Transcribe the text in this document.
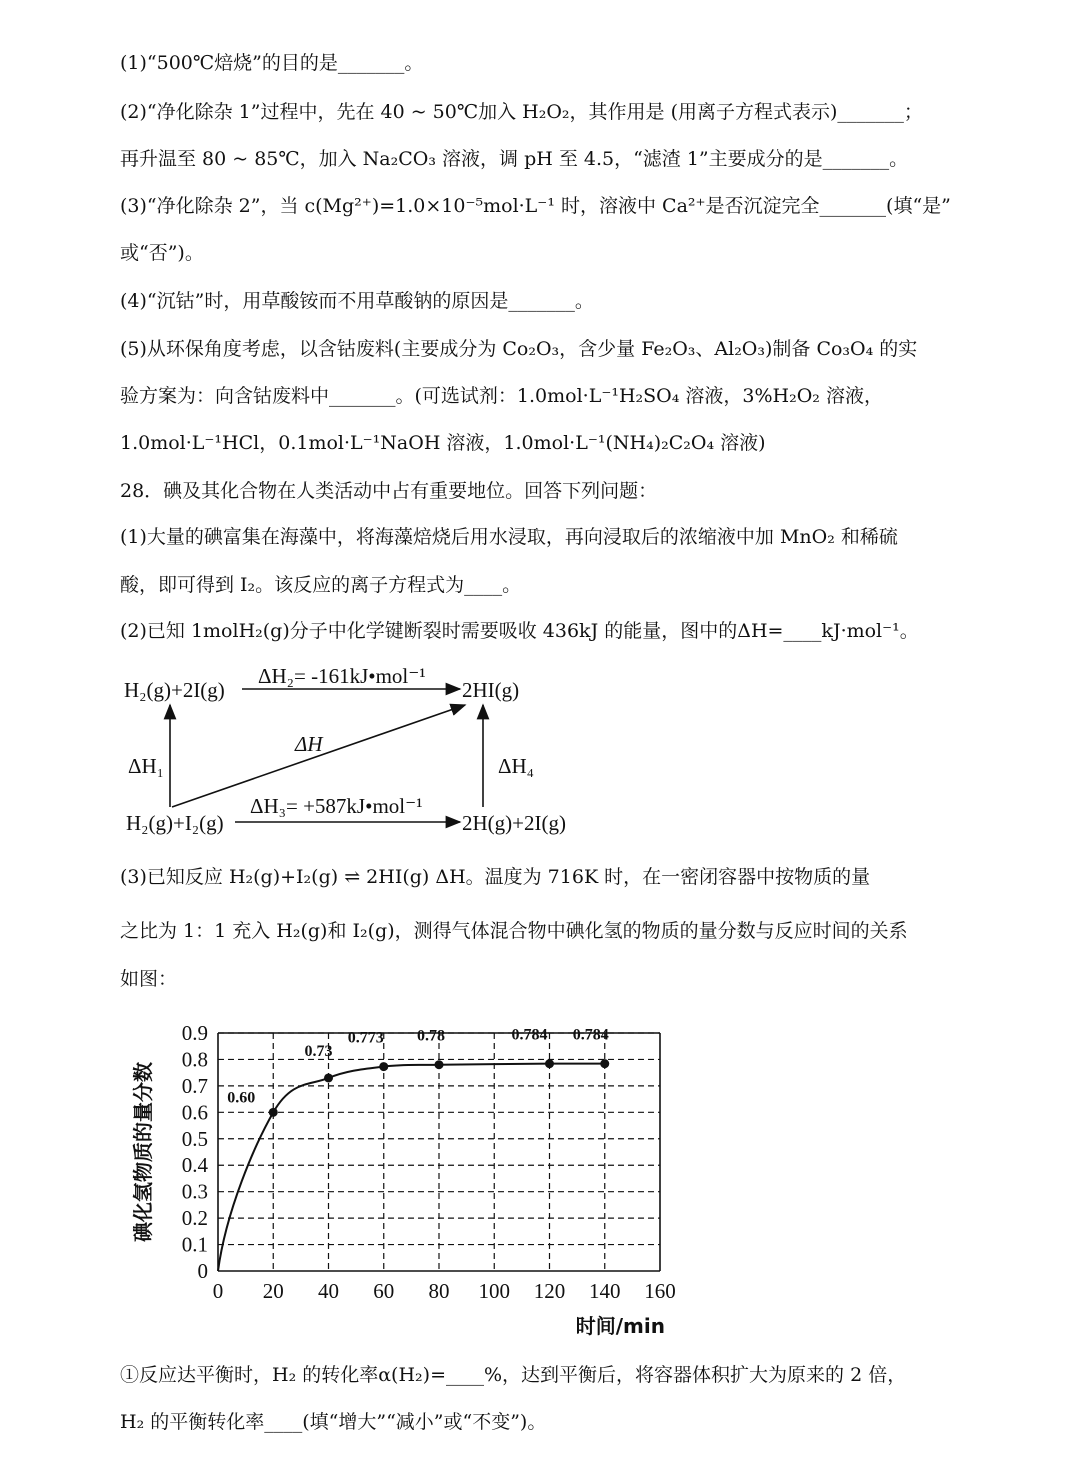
(1)“500℃焙烧”的目的是_______。
(2)“净化除杂 1”过程中，先在 40 ~ 50℃加入 H₂O₂，其作用是 (用离子方程式表示)_______；
再升温至 80 ~ 85℃，加入 Na₂CO₃ 溶液，调 pH 至 4.5，“滤渣 1”主要成分的是_______。
(3)“净化除杂 2”，当 c(Mg²⁺)=1.0×10⁻⁵mol·L⁻¹ 时，溶液中 Ca²⁺是否沉淀完全_______(填“是”
或“否”)。
(4)“沉钴”时，用草酸铵而不用草酸钠的原因是_______。
(5)从环保角度考虑，以含钴废料(主要成分为 Co₂O₃，含少量 Fe₂O₃、Al₂O₃)制备 Co₃O₄ 的实
验方案为：向含钴废料中_______。(可选试剂：1.0mol·L⁻¹H₂SO₄ 溶液，3%H₂O₂ 溶液，
1.0mol·L⁻¹HCl，0.1mol·L⁻¹NaOH 溶液，1.0mol·L⁻¹(NH₄)₂C₂O₄ 溶液)
28．碘及其化合物在人类活动中占有重要地位。回答下列问题：
(1)大量的碘富集在海藻中，将海藻焙烧后用水浸取，再向浸取后的浓缩液中加 MnO₂ 和稀硫
酸，即可得到 I₂。该反应的离子方程式为____。
(2)已知 1molH₂(g)分子中化学键断裂时需要吸收 436kJ 的能量，图中的ΔH=____kJ·mol⁻¹。
H₂(g)+2I(g)	2HI(g)
H₂(g)+I₂(g)	2H(g)+2I(g)
ΔH₂= -161kJ•mol⁻¹
ΔH₃= +587kJ•mol⁻¹
ΔH
ΔH₁	ΔH₄
(3)已知反应 H₂(g)+I₂(g) ⇌ 2HI(g) ΔH。温度为 716K 时，在一密闭容器中按物质的量
之比为 1：1 充入 H₂(g)和 I₂(g)，测得气体混合物中碘化氢的物质的量分数与反应时间的关系
如图：
0
0.1
0.2
0.3
0.4
0.5
0.6
0.7
0.8
0.9
0 20 40 60 80 100 120 140 160
0.60
0.73
0.773 0.78	0.784 0.784
碘化氢物质的量分数
时间/min
①反应达平衡时，H₂ 的转化率α(H₂)=____%，达到平衡后，将容器体积扩大为原来的 2 倍，
H₂ 的平衡转化率____(填“增大”“减小”或“不变”)。
